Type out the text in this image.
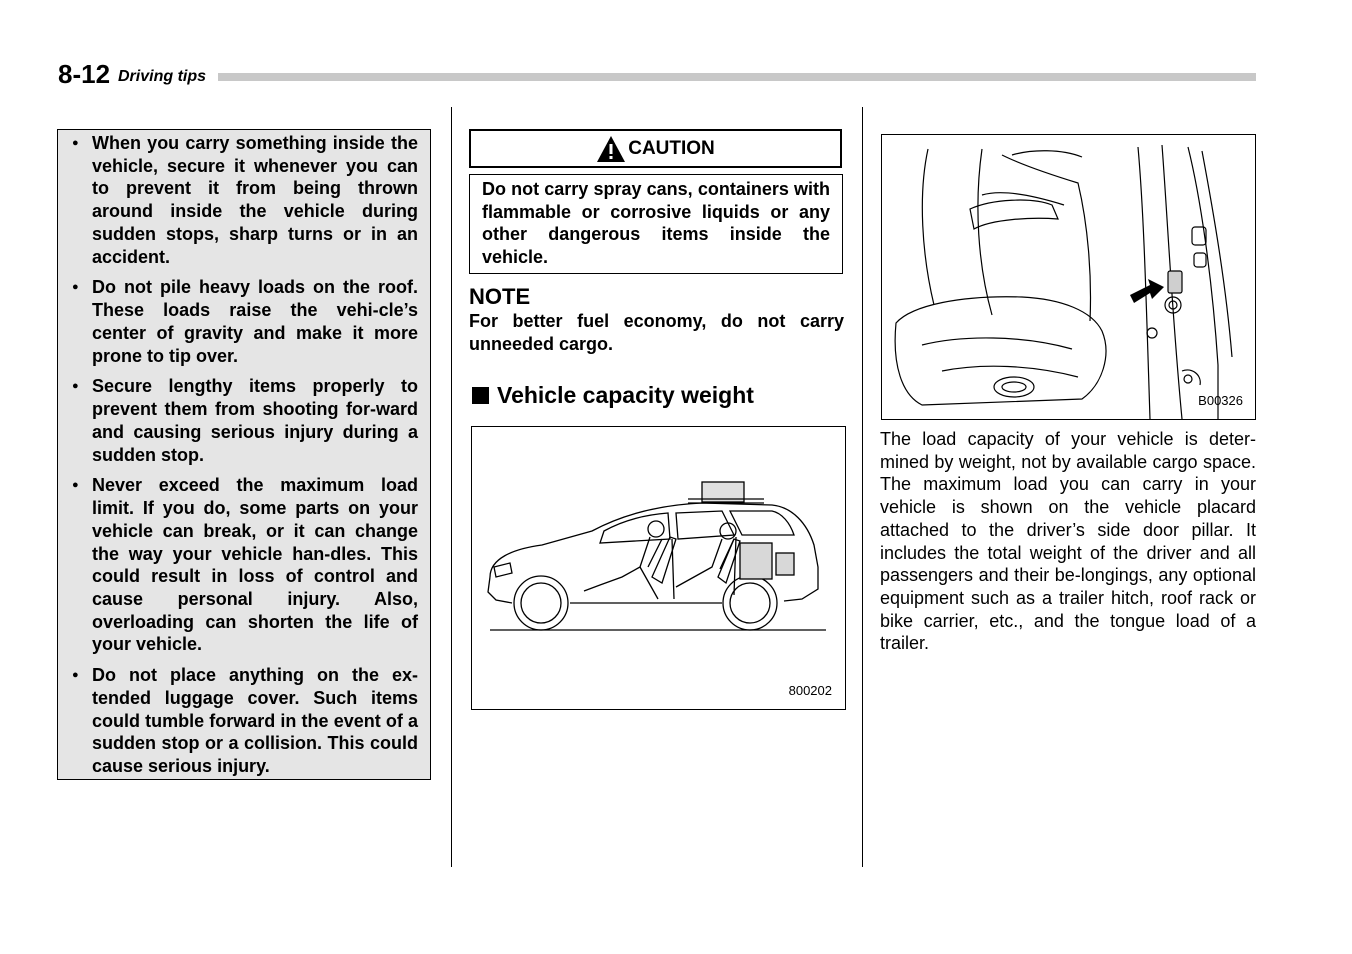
8-12 Driving tips
● When you carry something inside the vehicle, secure it whenever you can to prevent it from being thrown around inside the vehicle during sudden stops, sharp turns or in an accident.
● Do not pile heavy loads on the roof. These loads raise the vehi-cle’s center of gravity and make it more prone to tip over.
● Secure lengthy items properly to prevent them from shooting for-ward and causing serious injury during a sudden stop.
● Never exceed the maximum load limit. If you do, some parts on your vehicle can break, or it can change the way your vehicle han-dles. This could result in loss of control and cause personal injury. Also, overloading can shorten the life of your vehicle.
● Do not place anything on the ex-tended luggage cover. Such items could tumble forward in the event of a sudden stop or a collision. This could cause serious injury.
CAUTION
Do not carry spray cans, containers with flammable or corrosive liquids or any other dangerous items inside the vehicle.
NOTE
For better fuel economy, do not carry unneeded cargo.
Vehicle capacity weight
800202
B00326
The load capacity of your vehicle is deter-mined by weight, not by available cargo space. The maximum load you can carry in your vehicle is shown on the vehicle placard attached to the driver’s side door pillar. It includes the total weight of the driver and all passengers and their be-longings, any optional equipment such as a trailer hitch, roof rack or bike carrier, etc., and the tongue load of a trailer.
